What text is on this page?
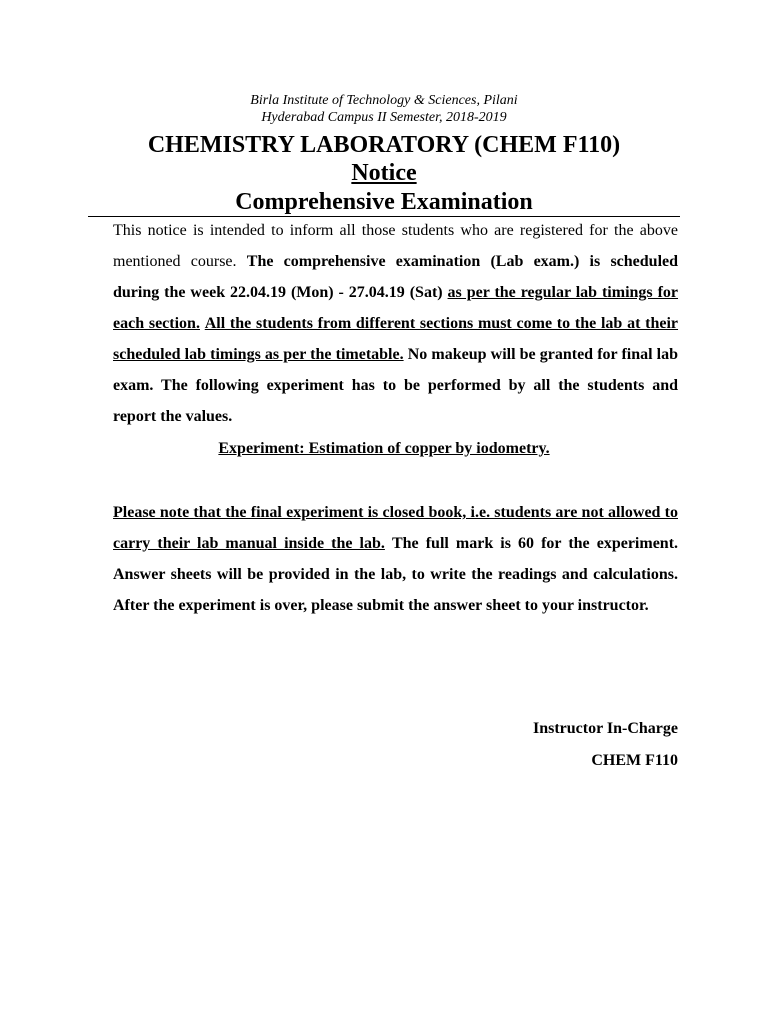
Birla Institute of Technology & Sciences, Pilani
Hyderabad Campus II Semester, 2018-2019
CHEMISTRY LABORATORY (CHEM F110)
Notice
Comprehensive Examination
This notice is intended to inform all those students who are registered for the above mentioned course. The comprehensive examination (Lab exam.) is scheduled during the week 22.04.19 (Mon) - 27.04.19 (Sat) as per the regular lab timings for each section. All the students from different sections must come to the lab at their scheduled lab timings as per the timetable. No makeup will be granted for final lab exam. The following experiment has to be performed by all the students and report the values.
Experiment: Estimation of copper by iodometry.
Please note that the final experiment is closed book, i.e. students are not allowed to carry their lab manual inside the lab. The full mark is 60 for the experiment. Answer sheets will be provided in the lab, to write the readings and calculations. After the experiment is over, please submit the answer sheet to your instructor.
Instructor In-Charge
CHEM F110
